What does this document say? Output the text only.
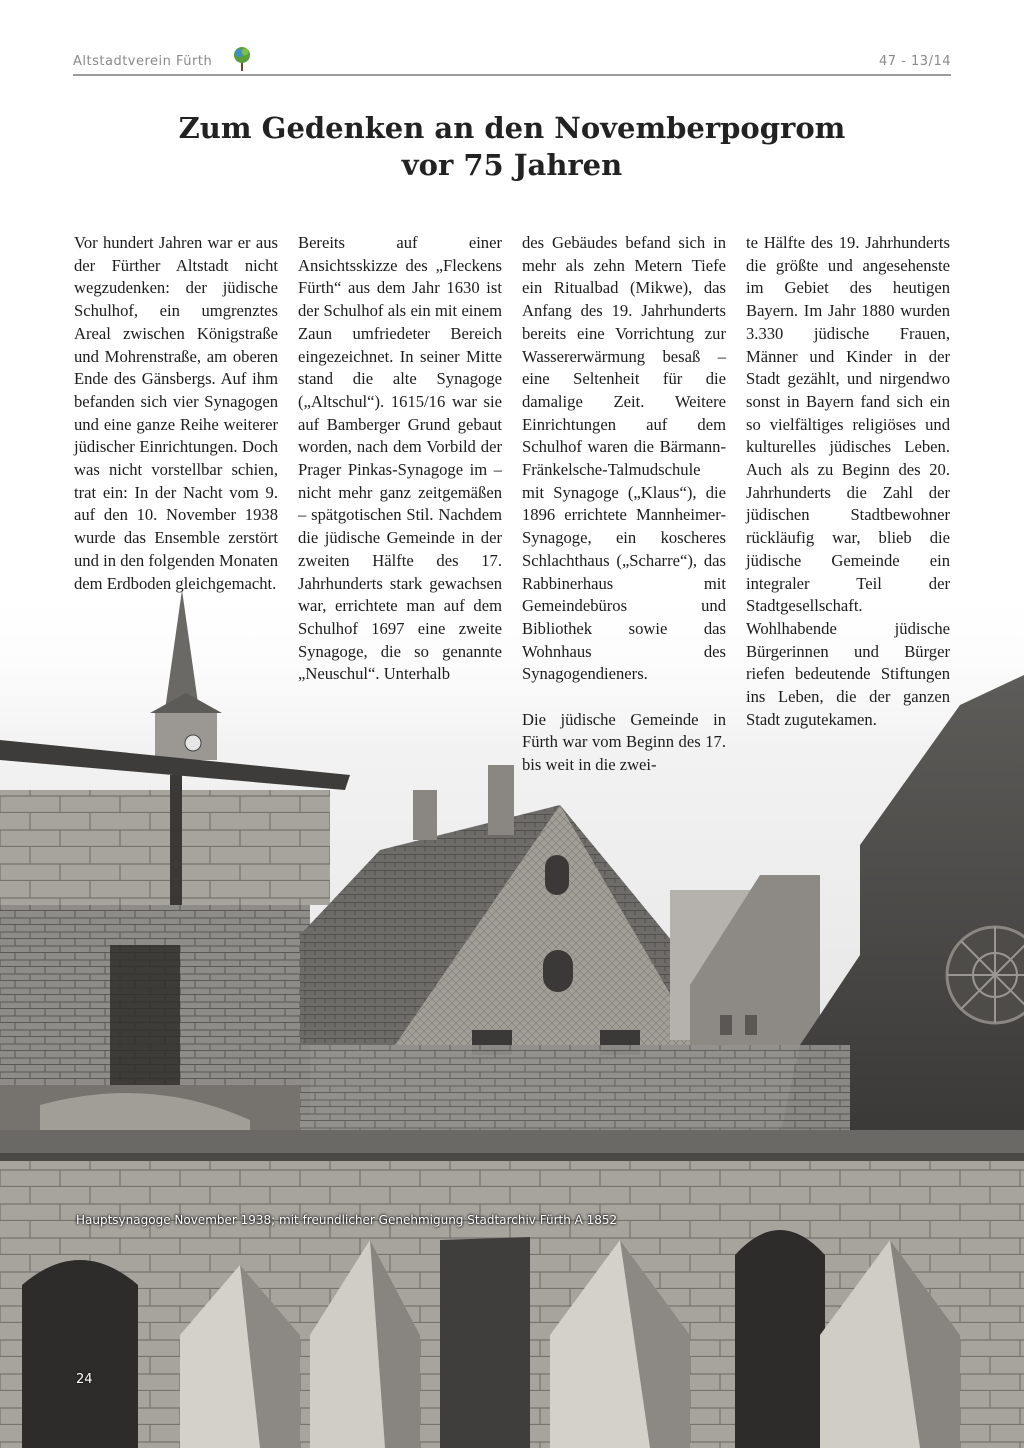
Altstadtverein Fürth	47 - 13/14
Zum Gedenken an den Novemberpogrom
vor 75 Jahren

Vor hundert Jahren war er aus der Fürther Altstadt nicht wegzudenken: der jüdische Schulhof, ein umgrenztes Areal zwischen Königstraße und Mohrenstraße, am oberen Ende des Gänsbergs. Auf ihm befanden sich vier Synagogen und eine ganze Reihe weiterer jüdischer Einrichtungen. Doch was nicht vorstellbar schien, trat ein: In der Nacht vom 9. auf den 10. November 1938 wurde das Ensemble zerstört und in den folgenden Monaten dem Erdboden gleichgemacht.

Bereits auf einer Ansichtsskizze des „Fleckens Fürth“ aus dem Jahr 1630 ist der Schulhof als ein mit einem Zaun umfriedeter Bereich eingezeichnet. In seiner Mitte stand die alte Synagoge („Altschul“). 1615/16 war sie auf Bamberger Grund gebaut worden, nach dem Vorbild der Prager Pinkas-Synagoge im – nicht mehr ganz zeitgemäßen – spätgotischen Stil. Nachdem die jüdische Gemeinde in der zweiten Hälfte des 17. Jahrhunderts stark gewachsen war, errichtete man auf dem Schulhof 1697 eine zweite Synagoge, die so genannte „Neuschul“. Unterhalb

des Gebäudes befand sich in mehr als zehn Metern Tiefe ein Ritualbad (Mikwe), das Anfang des 19. Jahrhunderts bereits eine Vorrichtung zur Wassererwärmung besaß – eine Seltenheit für die damalige Zeit. Weitere Einrichtungen auf dem Schulhof waren die Bärmann-Fränkelsche-Talmudschule mit Synagoge („Klaus“), die 1896 errichtete Mannheimer-Synagoge, ein koscheres Schlachthaus („Scharre“), das Rabbinerhaus mit Gemeindebüros und Bibliothek sowie das Wohnhaus des Synagogendieners.

Die jüdische Gemeinde in Fürth war vom Beginn des 17. bis weit in die zwei-

te Hälfte des 19. Jahrhunderts die größte und angesehenste im Gebiet des heutigen Bayern. Im Jahr 1880 wurden 3.330 jüdische Frauen, Männer und Kinder in der Stadt gezählt, und nirgendwo sonst in Bayern fand sich ein so vielfältiges religiöses und kulturelles jüdisches Leben. Auch als zu Beginn des 20. Jahrhunderts die Zahl der jüdischen Stadtbewohner rückläufig war, blieb die jüdische Gemeinde ein integraler Teil der Stadtgesellschaft. Wohlhabende jüdische Bürgerinnen und Bürger riefen bedeutende Stiftungen ins Leben, die der ganzen Stadt zugutekamen.

Hauptsynagoge November 1938; mit freundlicher Genehmigung Stadtarchiv Fürth A 1852
24
